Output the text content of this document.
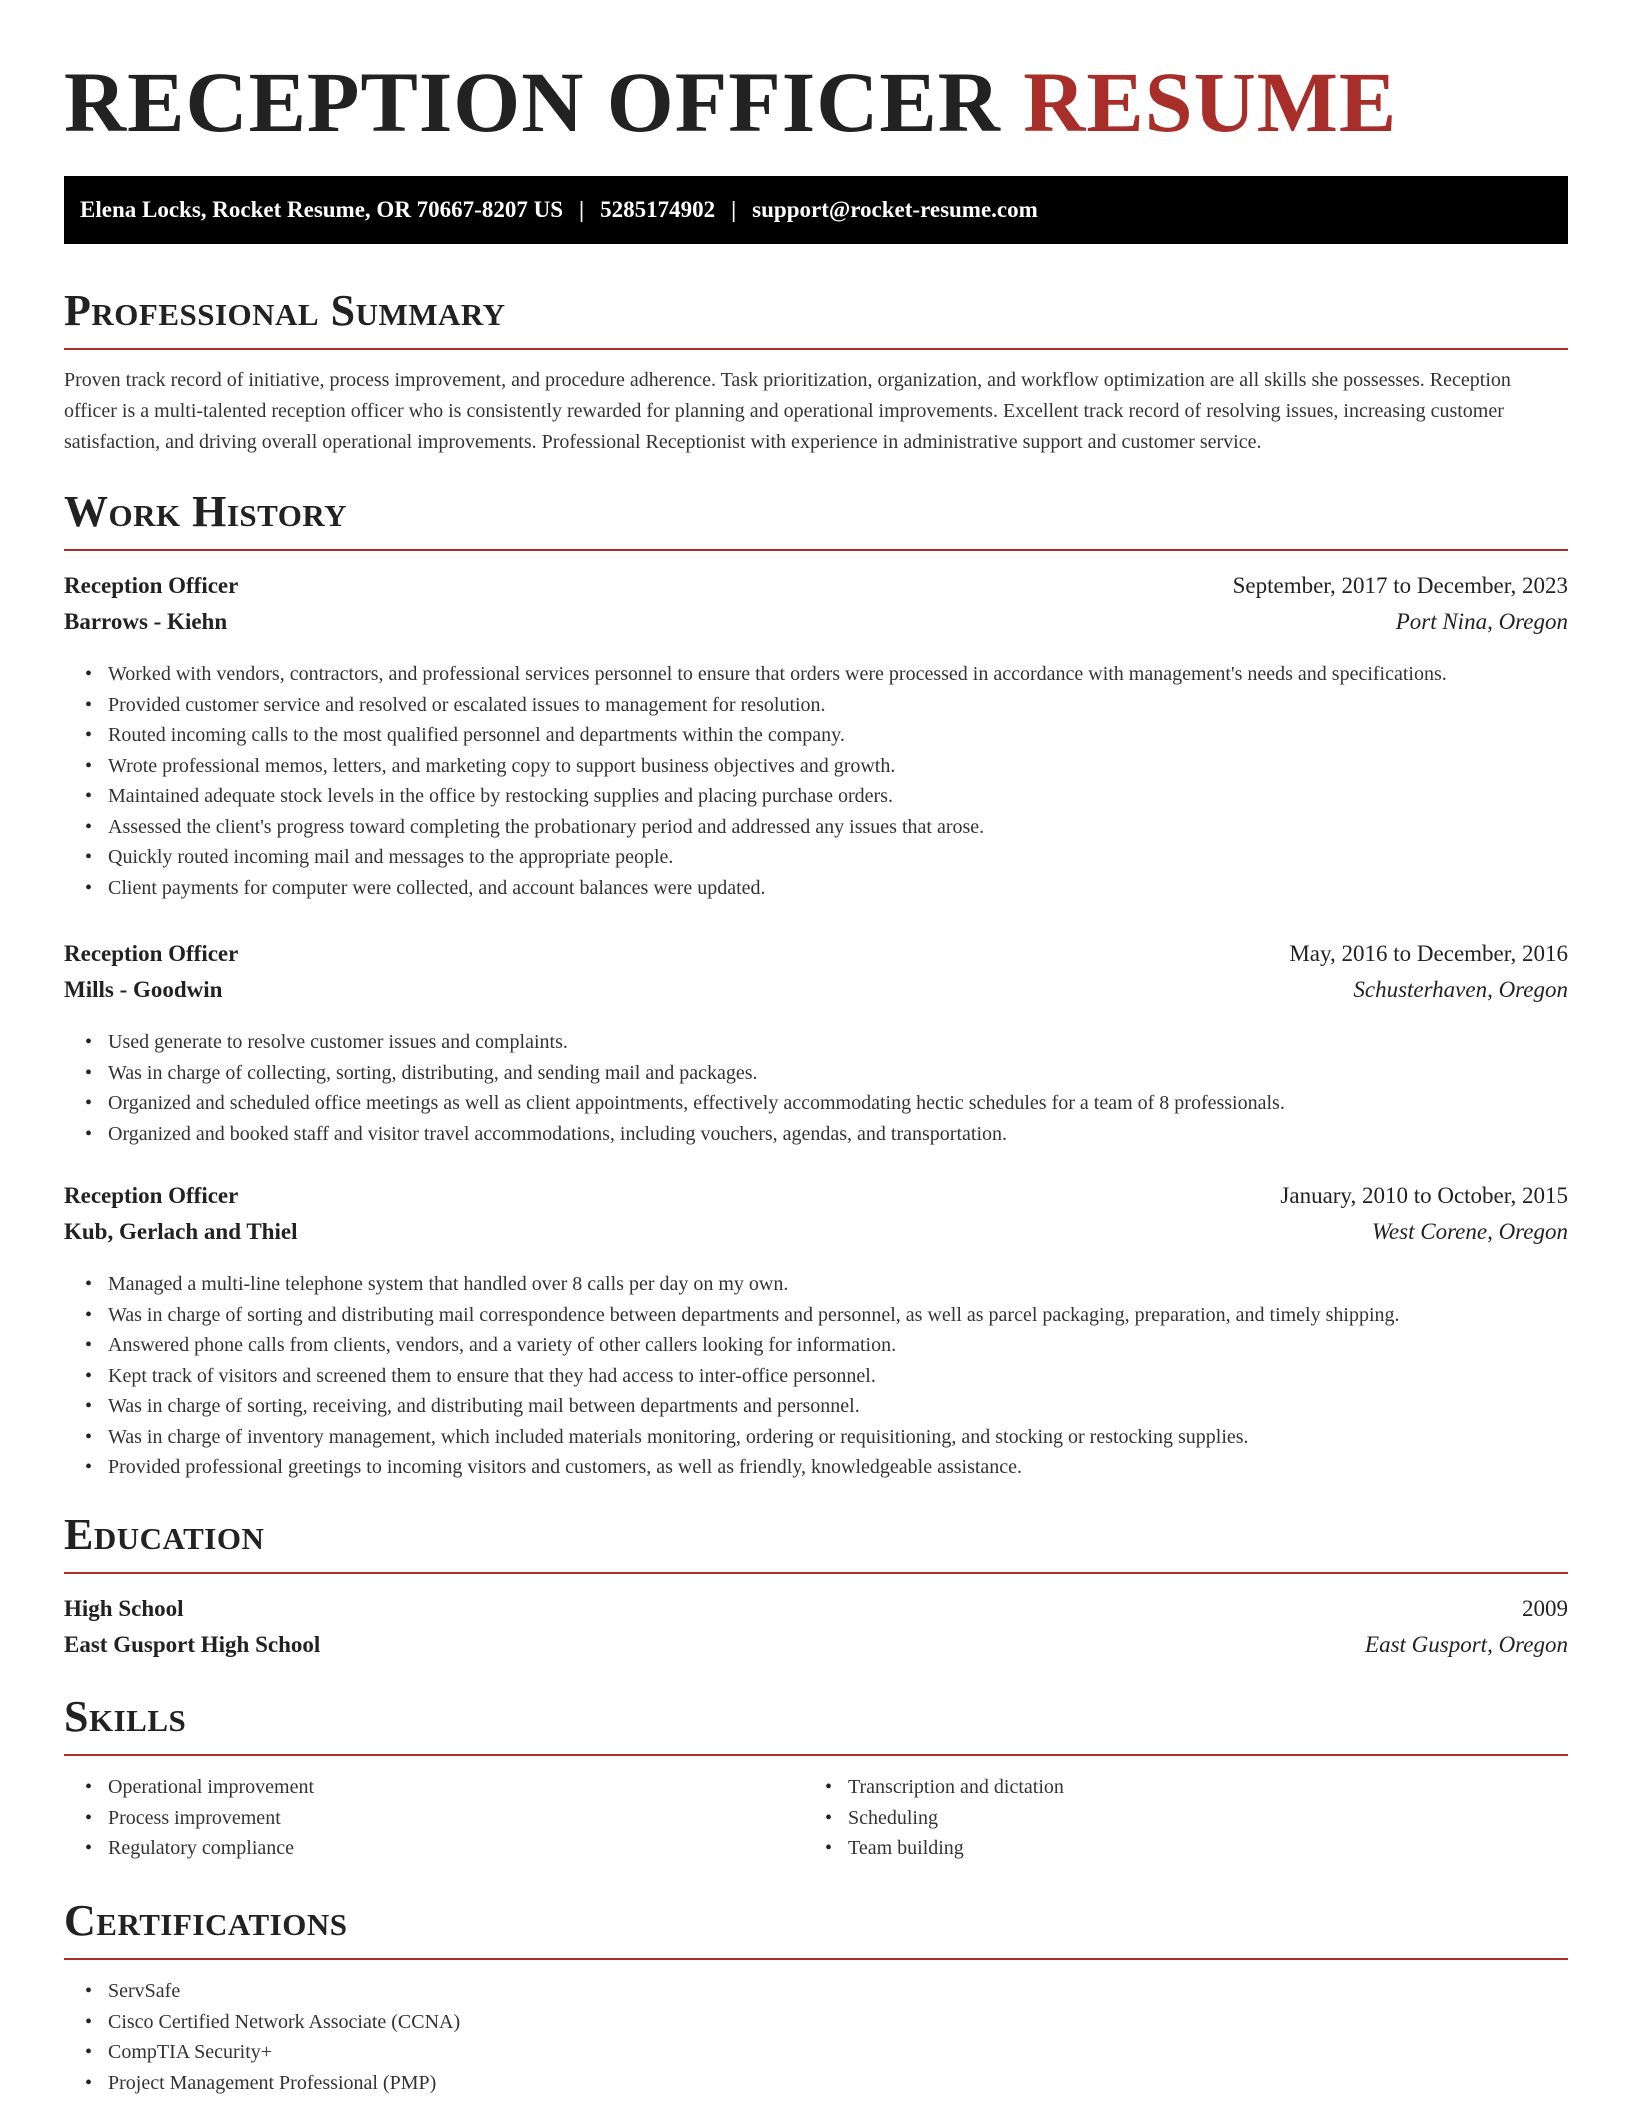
RECEPTION OFFICER RESUME
Elena Locks, Rocket Resume, OR 70667-8207 US | 5285174902 | support@rocket-resume.com
Professional Summary

Proven track record of initiative, process improvement, and procedure adherence. Task prioritization, organization, and workflow optimization are all skills she possesses. Reception officer is a multi-talented reception officer who is consistently rewarded for planning and operational improvements. Excellent track record of resolving issues, increasing customer satisfaction, and driving overall operational improvements. Professional Receptionist with experience in administrative support and customer service.

Work History
Reception Officer	September, 2017 to December, 2023
Barrows - Kiehn	Port Nina, Oregon
• Worked with vendors, contractors, and professional services personnel to ensure that orders were processed in accordance with management's needs and specifications.
• Provided customer service and resolved or escalated issues to management for resolution.
• Routed incoming calls to the most qualified personnel and departments within the company.
• Wrote professional memos, letters, and marketing copy to support business objectives and growth.
• Maintained adequate stock levels in the office by restocking supplies and placing purchase orders.
• Assessed the client's progress toward completing the probationary period and addressed any issues that arose.
• Quickly routed incoming mail and messages to the appropriate people.
• Client payments for computer were collected, and account balances were updated.
Reception Officer	May, 2016 to December, 2016
Mills - Goodwin	Schusterhaven, Oregon
• Used generate to resolve customer issues and complaints.
• Was in charge of collecting, sorting, distributing, and sending mail and packages.
• Organized and scheduled office meetings as well as client appointments, effectively accommodating hectic schedules for a team of 8 professionals.
• Organized and booked staff and visitor travel accommodations, including vouchers, agendas, and transportation.
Reception Officer	January, 2010 to October, 2015
Kub, Gerlach and Thiel	West Corene, Oregon
• Managed a multi-line telephone system that handled over 8 calls per day on my own.
• Was in charge of sorting and distributing mail correspondence between departments and personnel, as well as parcel packaging, preparation, and timely shipping.
• Answered phone calls from clients, vendors, and a variety of other callers looking for information.
• Kept track of visitors and screened them to ensure that they had access to inter-office personnel.
• Was in charge of sorting, receiving, and distributing mail between departments and personnel.
• Was in charge of inventory management, which included materials monitoring, ordering or requisitioning, and stocking or restocking supplies.
• Provided professional greetings to incoming visitors and customers, as well as friendly, knowledgeable assistance.
Education
High School	2009
East Gusport High School	East Gusport, Oregon
Skills
• Operational improvement
• Process improvement
• Regulatory compliance
• Transcription and dictation
• Scheduling
• Team building
Certifications
• ServSafe
• Cisco Certified Network Associate (CCNA)
• CompTIA Security+
• Project Management Professional (PMP)
